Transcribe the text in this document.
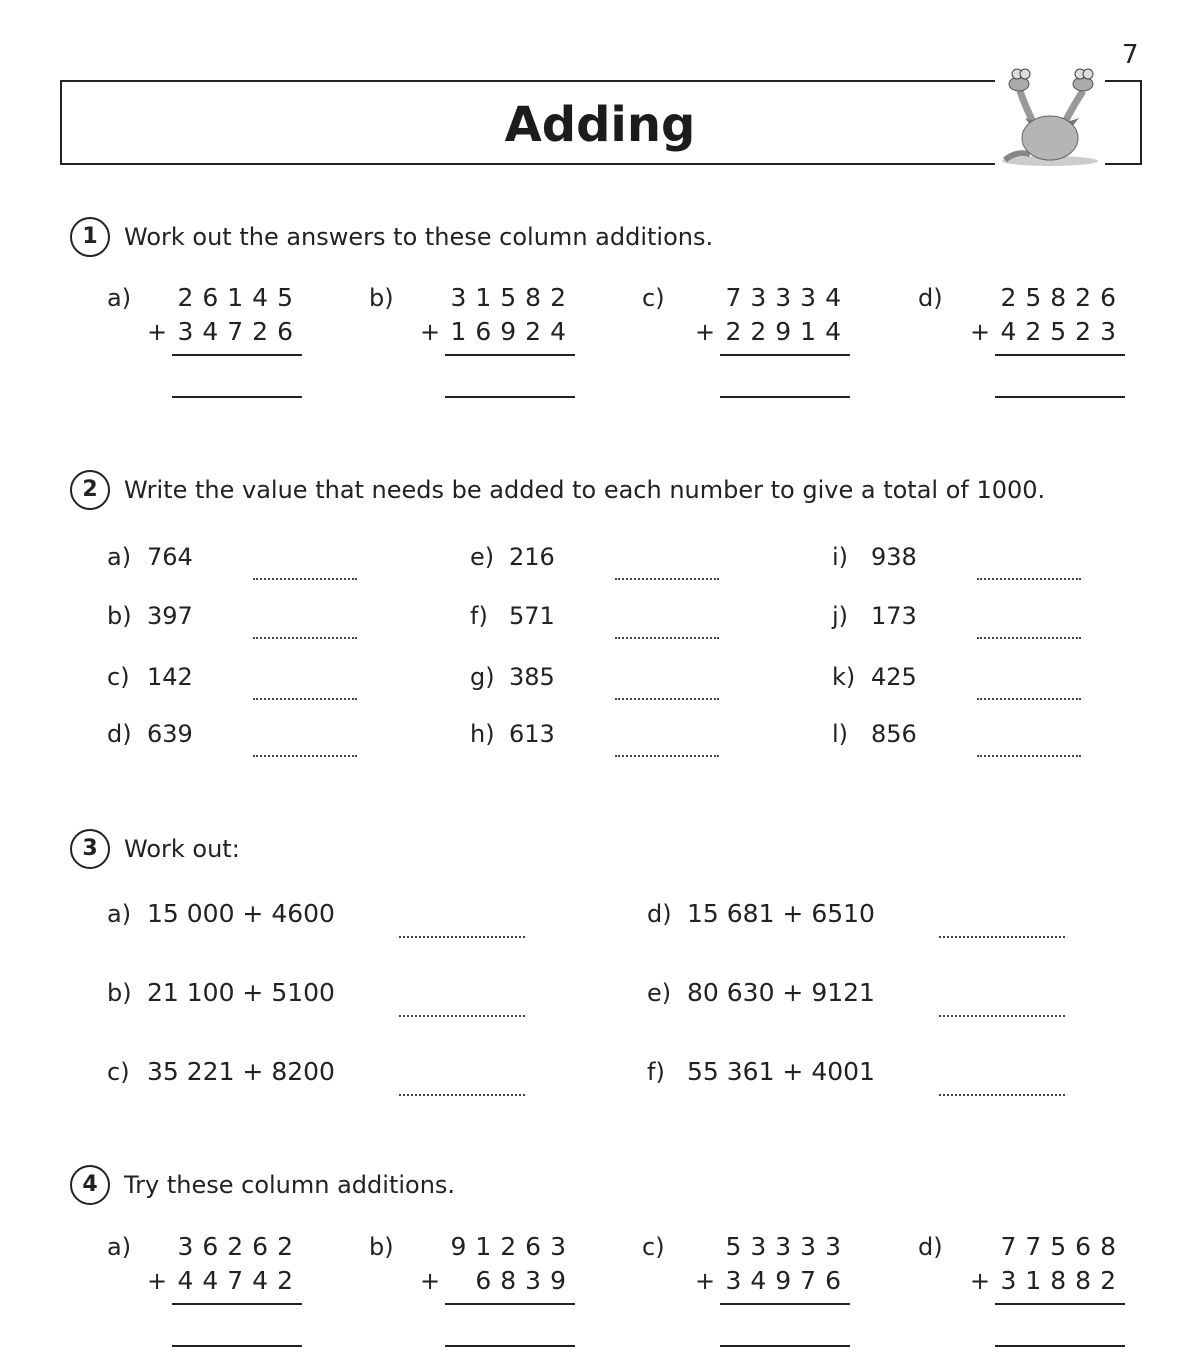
7
Adding
1	Work out the answers to these column additions.
a) 26145
34726
+
b) 31582
16924
+
c) 73334
22914
+
d) 25826
42523
+
2	Write the value that needs be added to each number to give a total of 1000.
a) 764
b) 397
c) 142
d) 639
e) 216
f) 571
g) 385
h) 613
i) 938
j) 173
k) 425
l) 856
3	Work out:
a) 15 000 + 4600
b) 21 100 + 5100
c) 35 221 + 8200
d) 15 681 + 6510
e) 80 630 + 9121
f) 55 361 + 4001
4	Try these column additions.
a) 36262
44742
+
b) 91263
6839
+
c) 53333
34976
+
d) 77568
31882
+
